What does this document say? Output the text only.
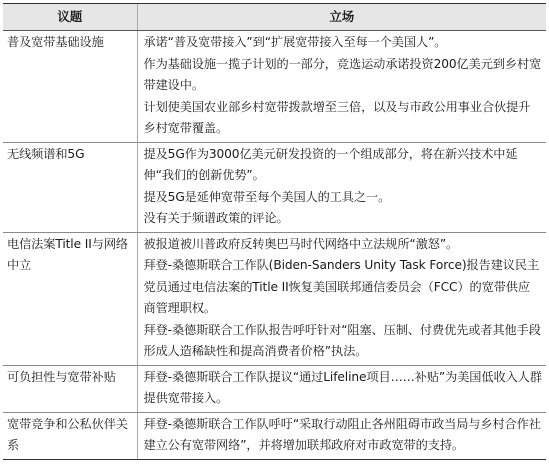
议题	立场
普及宽带基础设施	承诺“普及宽带接入”到“扩展宽带接入至每一个美国人”。
作为基础设施一揽子计划的一部分，竞选运动承诺投资200亿美元到乡村宽带建设中。
计划使美国农业部乡村宽带拨款增至三倍，以及与市政公用事业合伙提升乡村宽带覆盖。

无线频谱和5G	提及5G作为3000亿美元研发投资的一个组成部分，将在新兴技术中延伸“我们的创新优势”。
提及5G是延伸宽带至每个美国人的工具之一。
没有关于频谱政策的评论。

电信法案Title II与网络中立	被报道被川普政府反转奥巴马时代网络中立法规所“激怒”。
拜登-桑德斯联合工作队(Biden-Sanders Unity Task Force)报告建议民主党员通过电信法案的Title II恢复美国联邦通信委员会（FCC）的宽带供应商管理职权。
拜登-桑德斯联合工作队报告呼吁针对“阻塞、压制、付费优先或者其他手段形成人造稀缺性和提高消费者价格”执法。

可负担性与宽带补贴	拜登-桑德斯联合工作队提议“通过Lifeline项目……补贴”为美国低收入人群提供宽带接入。

宽带竞争和公私伙伴关系	拜登-桑德斯联合工作队呼吁“采取行动阻止各州阻碍市政当局与乡村合作社建立公有宽带网络”，并将增加联邦政府对市政宽带的支持。
